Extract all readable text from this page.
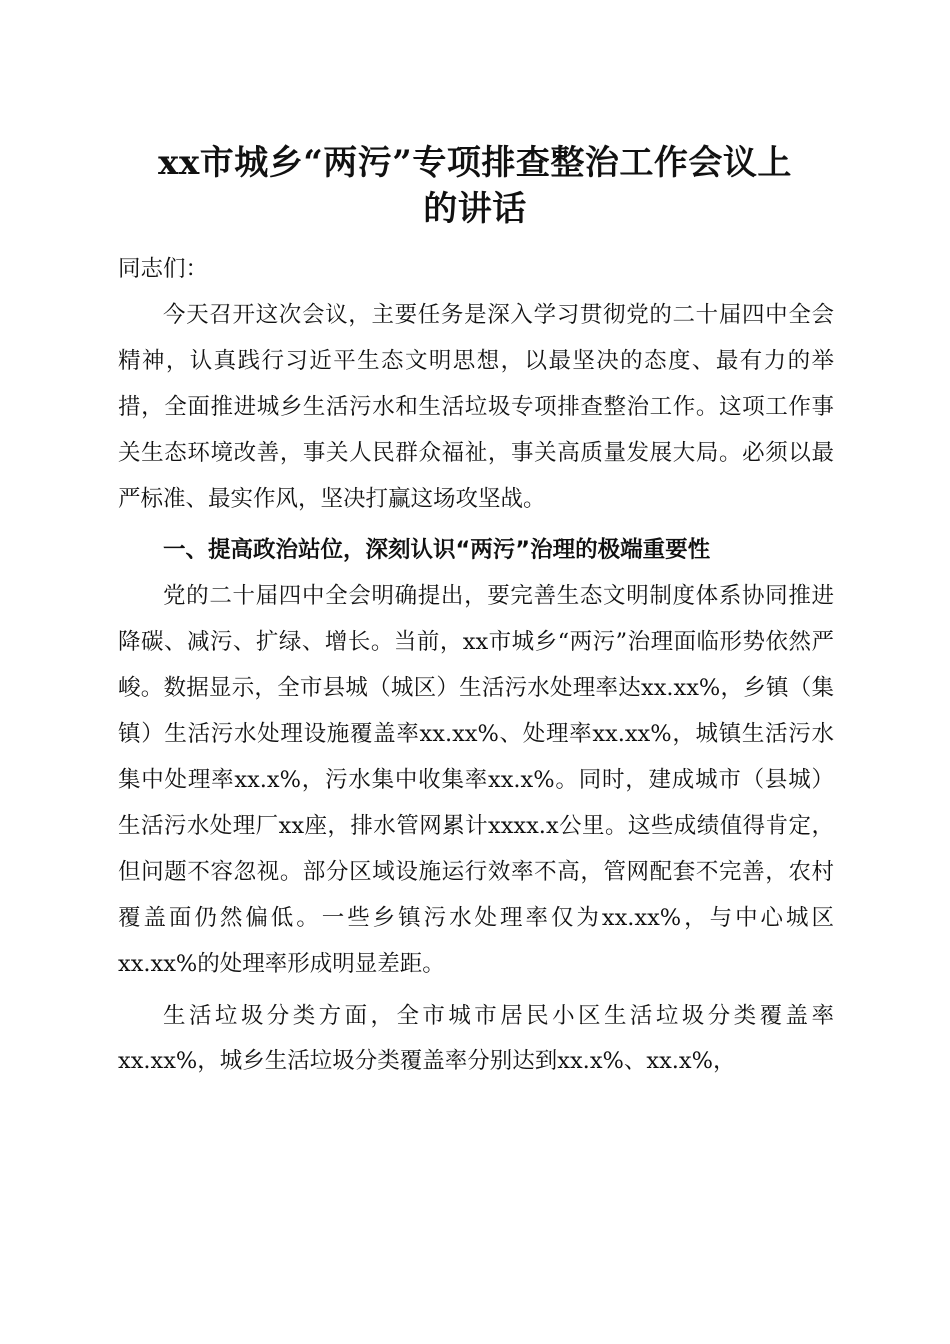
xx市城乡“两污”专项排查整治工作会议上
的讲话

同志们：

今天召开这次会议，主要任务是深入学习贯彻党的二十届四中全会精神，认真践行习近平生态文明思想，以最坚决的态度、最有力的举措，全面推进城乡生活污水和生活垃圾专项排查整治工作。这项工作事关生态环境改善，事关人民群众福祉，事关高质量发展大局。必须以最严标准、最实作风，坚决打赢这场攻坚战。

一、提高政治站位，深刻认识“两污”治理的极端重要性

党的二十届四中全会明确提出，要完善生态文明制度体系协同推进降碳、减污、扩绿、增长。当前，xx市城乡“两污”治理面临形势依然严峻。数据显示，全市县城（城区）生活污水处理率达xx.xx%，乡镇（集镇）生活污水处理设施覆盖率xx.xx%、处理率xx.xx%，城镇生活污水集中处理率xx.x%，污水集中收集率xx.x%。同时，建成城市（县城）生活污水处理厂xx座，排水管网累计xxxx.x公里。这些成绩值得肯定，但问题不容忽视。部分区域设施运行效率不高，管网配套不完善，农村覆盖面仍然偏低。一些乡镇污水处理率仅为xx.xx%，与中心城区xx.xx%的处理率形成明显差距。

生活垃圾分类方面，全市城市居民小区生活垃圾分类覆盖率xx.xx%，城乡生活垃圾分类覆盖率分别达到xx.x%、xx.x%，
